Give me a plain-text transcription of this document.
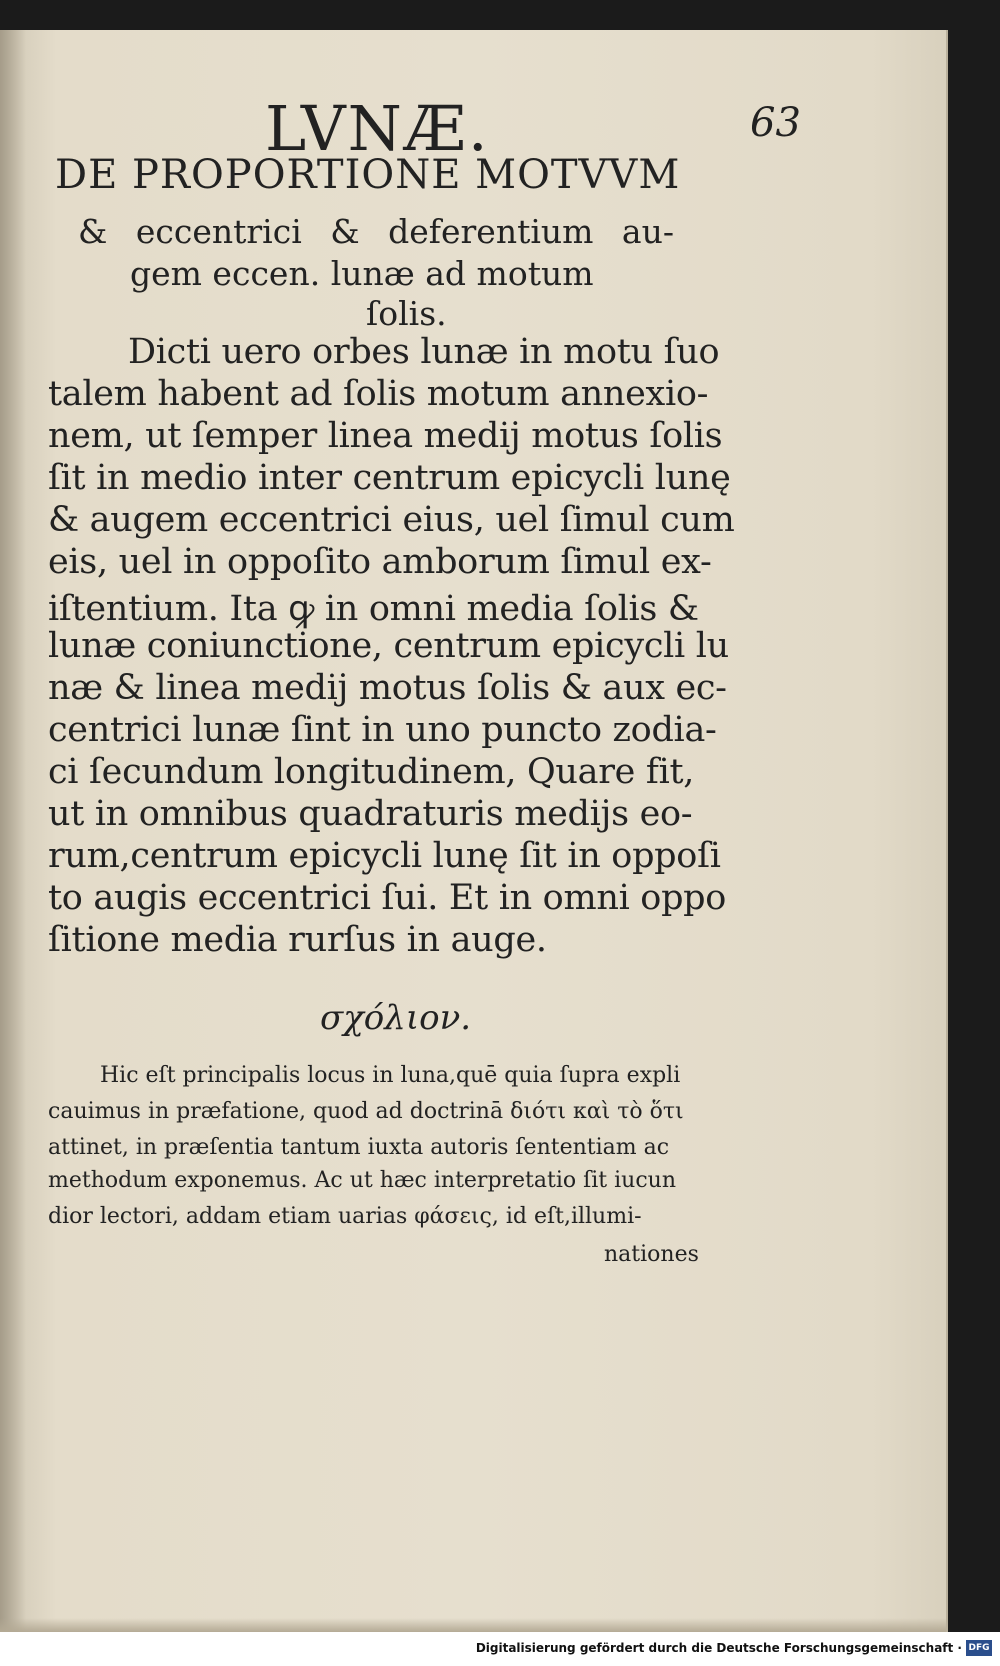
LVNÆ.	63
DE PROPORTIONE MOTVVM
& eccentrici & deferentium au-
gem eccen. lunæ ad motum
ſolis.
Dicti uero orbes lunæ in motu ſuo
talem habent ad ſolis motum annexio-
nem, ut ſemper linea medij motus ſolis
ſit in medio inter centrum epicycli lunę
& augem eccentrici eius, uel ſimul cum
eis, uel in oppoſito amborum ſimul ex-
iſtentium. Ita ꝙ in omni media ſolis &
lunæ coniunctione, centrum epicycli lu
næ & linea medij motus ſolis & aux ec-
centrici lunæ ſint in uno puncto zodia-
ci ſecundum longitudinem, Quare fit,
ut in omnibus quadraturis medijs eo-
rum,centrum epicycli lunę ſit in oppoſi
to augis eccentrici ſui. Et in omni oppo
ſitione media rurſus in auge.
σχόλιον.
Hic eſt principalis locus in luna,quē quia ſupra expli
cauimus in præfatione, quod ad doctrinā διότι καὶ τὸ ὅτι
attinet, in præſentia tantum iuxta autoris ſententiam ac
methodum exponemus. Ac ut hæc interpretatio ſit iucun
dior lectori, addam etiam uarias φάσεις, id eſt,illumi-
nationes
Digitalisierung gefördert durch die Deutsche Forschungsgemeinschaft · DFG
